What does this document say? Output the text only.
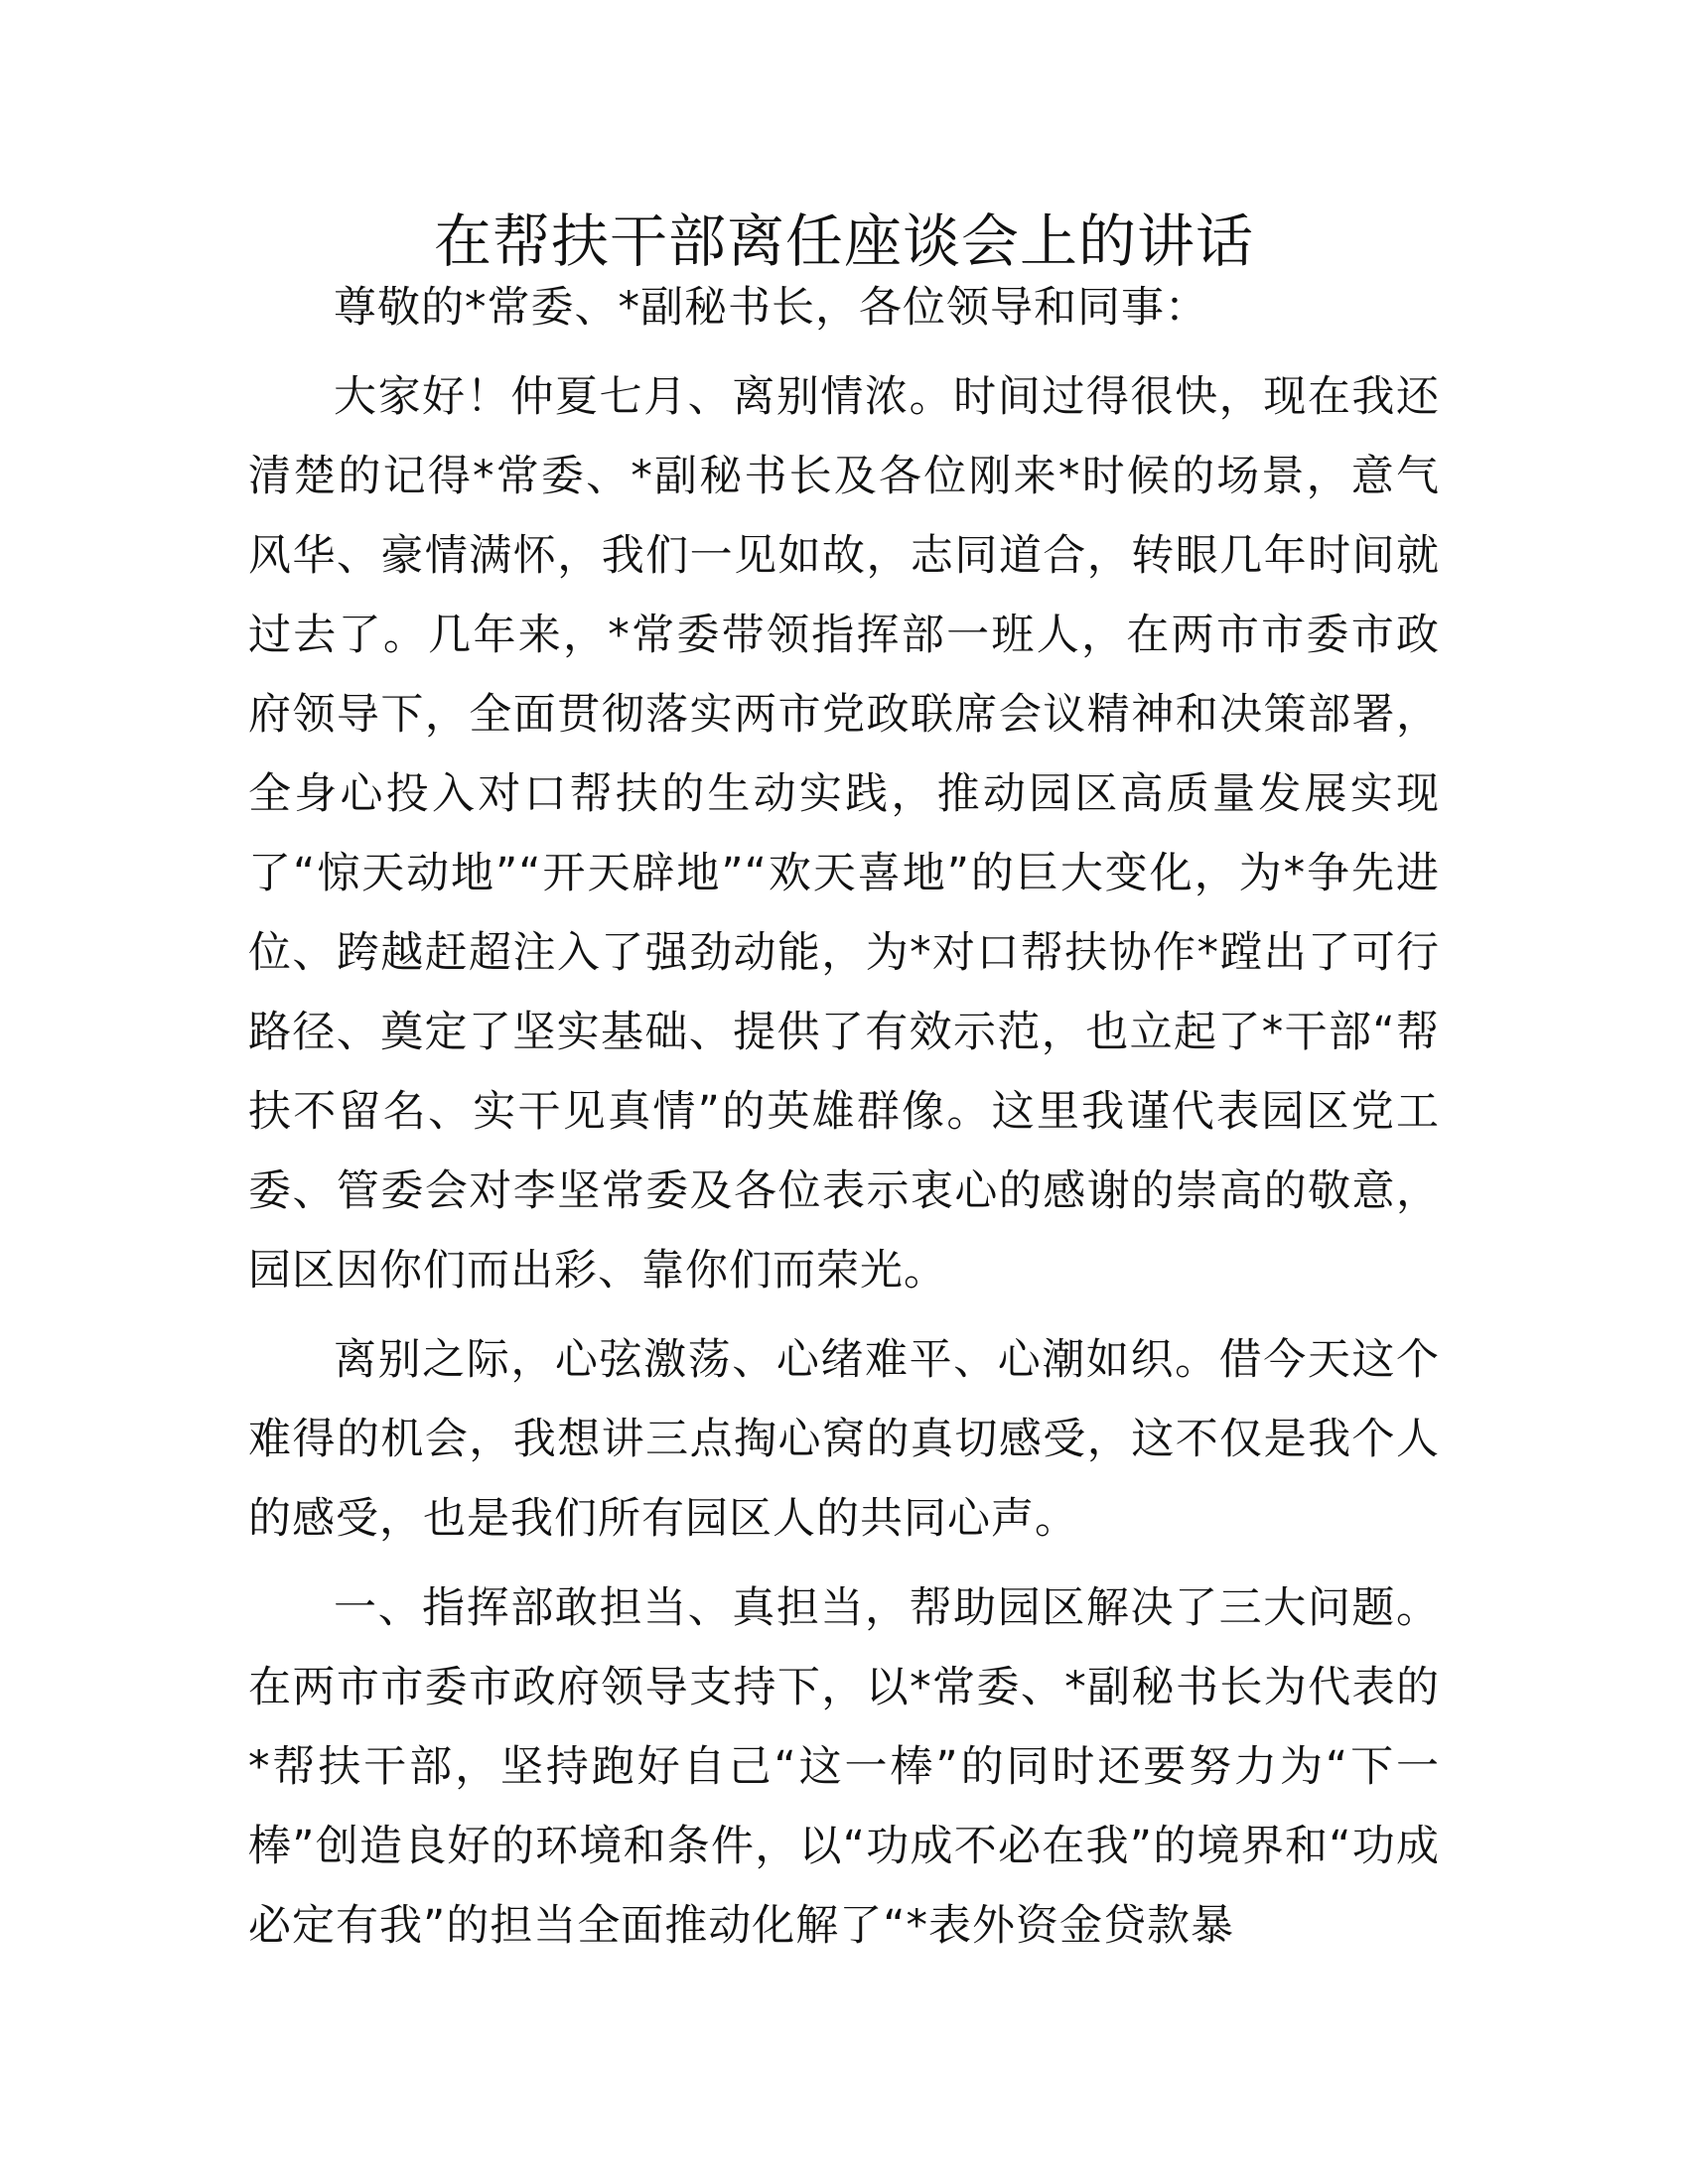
在帮扶干部离任座谈会上的讲话

尊敬的*常委、*副秘书长，各位领导和同事：

大家好！仲夏七月、离别情浓。时间过得很快，现在我还清楚的记得*常委、*副秘书长及各位刚来*时候的场景，意气风华、豪情满怀，我们一见如故，志同道合，转眼几年时间就过去了。几年来，*常委带领指挥部一班人，在两市市委市政府领导下，全面贯彻落实两市党政联席会议精神和决策部署，全身心投入对口帮扶的生动实践，推动园区高质量发展实现了“惊天动地”“开天辟地”“欢天喜地”的巨大变化，为*争先进位、跨越赶超注入了强劲动能，为*对口帮扶协作*蹚出了可行路径、奠定了坚实基础、提供了有效示范，也立起了*干部“帮扶不留名、实干见真情”的英雄群像。这里我谨代表园区党工委、管委会对李坚常委及各位表示衷心的感谢的崇高的敬意，园区因你们而出彩、靠你们而荣光。

离别之际，心弦激荡、心绪难平、心潮如织。借今天这个难得的机会，我想讲三点掏心窝的真切感受，这不仅是我个人的感受，也是我们所有园区人的共同心声。

一、指挥部敢担当、真担当，帮助园区解决了三大问题。在两市市委市政府领导支持下，以*常委、*副秘书长为代表的*帮扶干部，坚持跑好自己“这一棒”的同时还要努力为“下一棒”创造良好的环境和条件，以“功成不必在我”的境界和“功成必定有我”的担当全面推动化解了“*表外资金贷款暴
